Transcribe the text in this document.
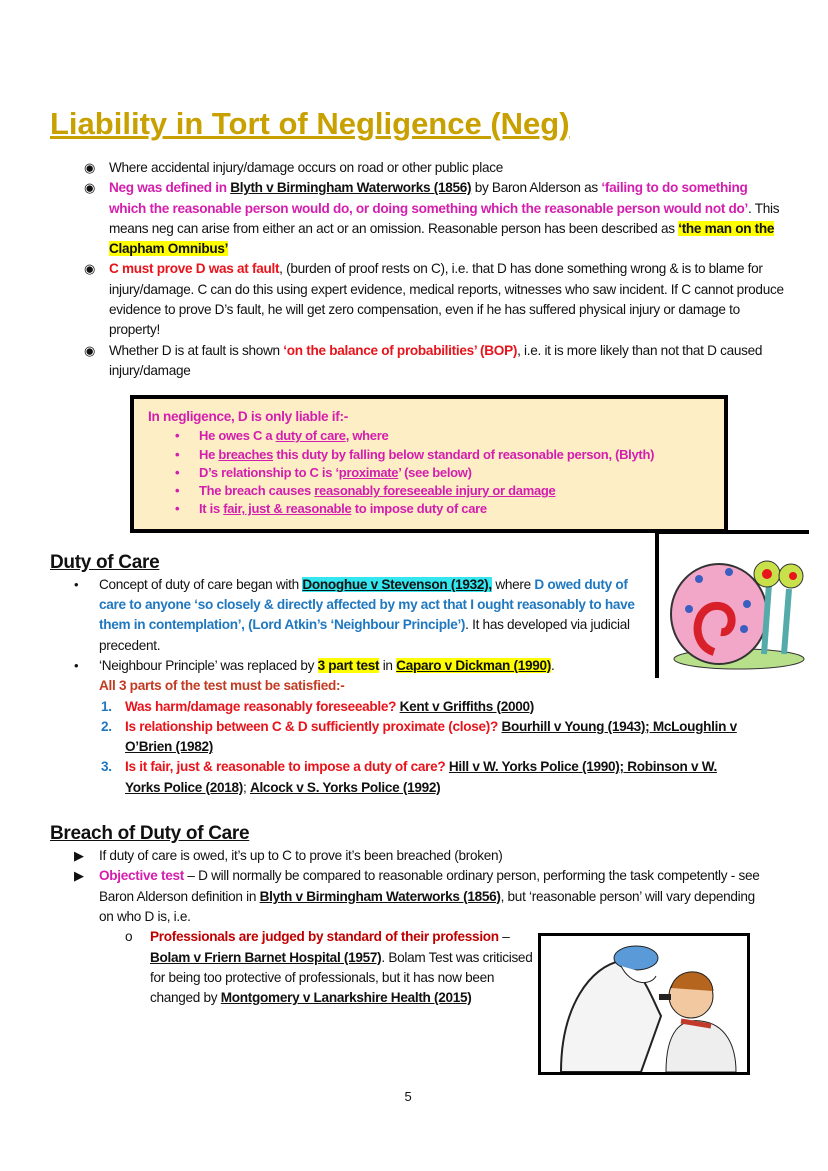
Liability in Tort of Negligence (Neg)
◉ Where accidental injury/damage occurs on road or other public place
◉ Neg was defined in Blyth v Birmingham Waterworks (1856) by Baron Alderson as ‘failing to do something which the reasonable person would do, or doing something which the reasonable person would not do’. This means neg can arise from either an act or an omission. Reasonable person has been described as ‘the man on the Clapham Omnibus’
◉ C must prove D was at fault, (burden of proof rests on C), i.e. that D has done something wrong & is to blame for injury/damage. C can do this using expert evidence, medical reports, witnesses who saw incident. If C cannot produce evidence to prove D’s fault, he will get zero compensation, even if he has suffered physical injury or damage to property!
◉ Whether D is at fault is shown ‘on the balance of probabilities’ (BOP), i.e. it is more likely than not that D caused injury/damage
In negligence, D is only liable if:-
• He owes C a duty of care, where
• He breaches this duty by falling below standard of reasonable person, (Blyth)
• D’s relationship to C is ‘proximate’ (see below)
• The breach causes reasonably foreseeable injury or damage
• It is fair, just & reasonable to impose duty of care
Duty of Care
• Concept of duty of care began with Donoghue v Stevenson (1932), where D owed duty of care to anyone ‘so closely & directly affected by my act that I ought reasonably to have them in contemplation’, (Lord Atkin’s ‘Neighbour Principle’). It has developed via judicial precedent.
• ‘Neighbour Principle’ was replaced by 3 part test in Caparo v Dickman (1990).
All 3 parts of the test must be satisfied:-
1. Was harm/damage reasonably foreseeable? Kent v Griffiths (2000)
2. Is relationship between C & D sufficiently proximate (close)? Bourhill v Young (1943); McLoughlin v O’Brien (1982)
3. Is it fair, just & reasonable to impose a duty of care? Hill v W. Yorks Police (1990); Robinson v W. Yorks Police (2018); Alcock v S. Yorks Police (1992)
Breach of Duty of Care
▶ If duty of care is owed, it’s up to C to prove it’s been breached (broken)
▶ Objective test – D will normally be compared to reasonable ordinary person, performing the task competently - see Baron Alderson definition in Blyth v Birmingham Waterworks (1856), but ‘reasonable person’ will vary depending on who D is, i.e.
o Professionals are judged by standard of their profession – Bolam v Friern Barnet Hospital (1957). Bolam Test was criticised for being too protective of professionals, but it has now been changed by Montgomery v Lanarkshire Health (2015)
5
